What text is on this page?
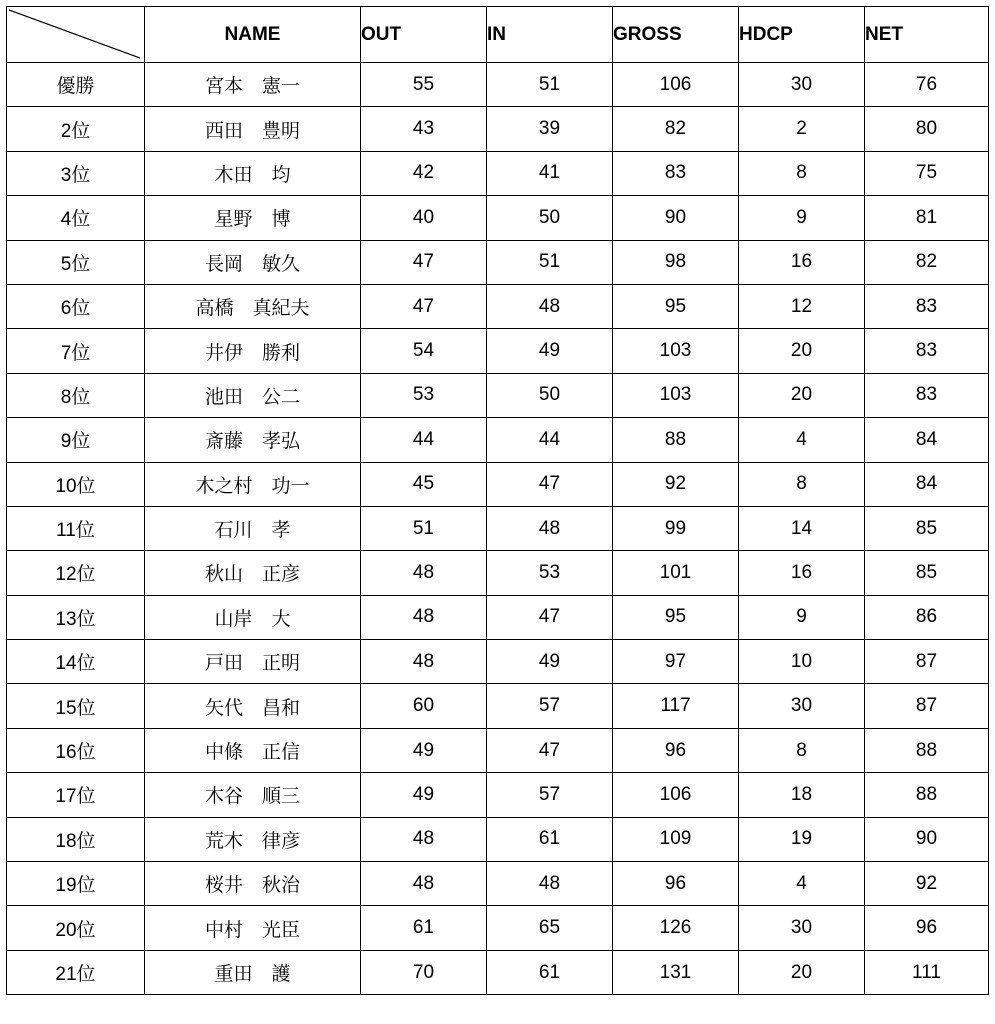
	NAME	OUT	IN	GROSS	HDCP	NET
優勝	宮本　憲一	55	51	106	30	76
2位	西田　豊明	43	39	82	2	80
3位	木田　均	42	41	83	8	75
4位	星野　博	40	50	90	9	81
5位	長岡　敏久	47	51	98	16	82
6位	高橋　真紀夫	47	48	95	12	83
7位	井伊　勝利	54	49	103	20	83
8位	池田　公二	53	50	103	20	83
9位	斎藤　孝弘	44	44	88	4	84
10位	木之村　功一	45	47	92	8	84
11位	石川　孝	51	48	99	14	85
12位	秋山　正彦	48	53	101	16	85
13位	山岸　大	48	47	95	9	86
14位	戸田　正明	48	49	97	10	87
15位	矢代　昌和	60	57	117	30	87
16位	中條　正信	49	47	96	8	88
17位	木谷　順三	49	57	106	18	88
18位	荒木　律彦	48	61	109	19	90
19位	桜井　秋治	48	48	96	4	92
20位	中村　光臣	61	65	126	30	96
21位	重田　護	70	61	131	20	111
